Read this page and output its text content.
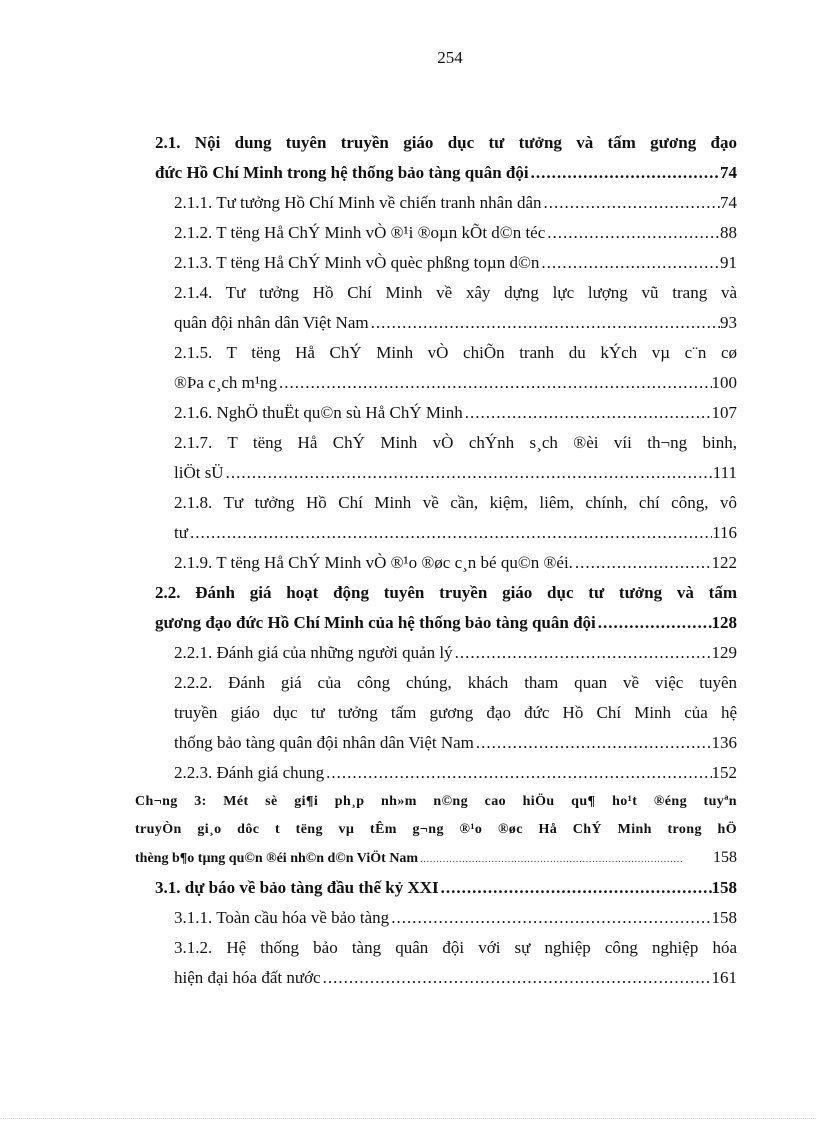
254
2.1. Nội dung tuyên truyền giáo dục tư tưởng và tấm gương đạo
đức Hồ Chí Minh trong hệ thống bảo tàng quân đội .....	74
2.1.1. Tư tưởng Hồ Chí Minh về chiến tranh nhân dân .....	74
2.1.2. T tëng Hå ChÝ Minh vÒ ®¹i ®oµn kÕt d©n téc .....	88
2.1.3. T tëng Hå ChÝ Minh vÒ quèc phßng toµn d©n .....	91
2.1.4. Tư tưởng Hồ Chí Minh về xây dựng lực lượng vũ trang và
quân đội nhân dân Việt Nam .....	93
2.1.5. T tëng Hå ChÝ Minh vÒ chiÕn tranh du kÝch vµ c¨n cø
®Þa c¸ch m¹ng .....	100
2.1.6. NghÖ thuËt qu©n sù Hå ChÝ Minh .....	107
2.1.7. T tëng Hå ChÝ Minh vÒ chÝnh s¸ch ®èi víi th¬ng binh,
liÖt sÜ .....	111
2.1.8. Tư tưởng Hồ Chí Minh về cần, kiệm, liêm, chính, chí công, vô
tư .....	116
2.1.9. T tëng Hå ChÝ Minh vÒ ®¹o ®øc c¸n bé qu©n ®éi. .....	122
2.2. Đánh giá hoạt động tuyên truyền giáo dục tư tưởng và tấm
gương đạo đức Hồ Chí Minh của hệ thống bảo tàng quân đội .....	128
2.2.1. Đánh giá của những người quản lý .....	129
2.2.2. Đánh giá của công chúng, khách tham quan về việc tuyên
truyền giáo dục tư tưởng tấm gương đạo đức Hồ Chí Minh của hệ
thống bảo tàng quân đội nhân dân Việt Nam .....	136
2.2.3. Đánh giá chung .....	152
Ch¬ng 3: Mét sè gi¶i ph¸p nh»m n©ng cao hiÖu qu¶ ho¹t ®éng tuyªn
truyÒn gi¸o dôc t tëng vµ tÊm g¬ng ®¹o ®øc Hå ChÝ Minh trong hÖ
thèng b¶o tµng qu©n ®éi nh©n d©n ViÖt Nam .....	158
3.1. dự báo về bảo tàng đầu thế kỷ XXI .....	158
3.1.1. Toàn cầu hóa về bảo tàng .....	158
3.1.2. Hệ thống bảo tàng quân đội với sự nghiệp công nghiệp hóa
hiện đại hóa đất nước .....	161
